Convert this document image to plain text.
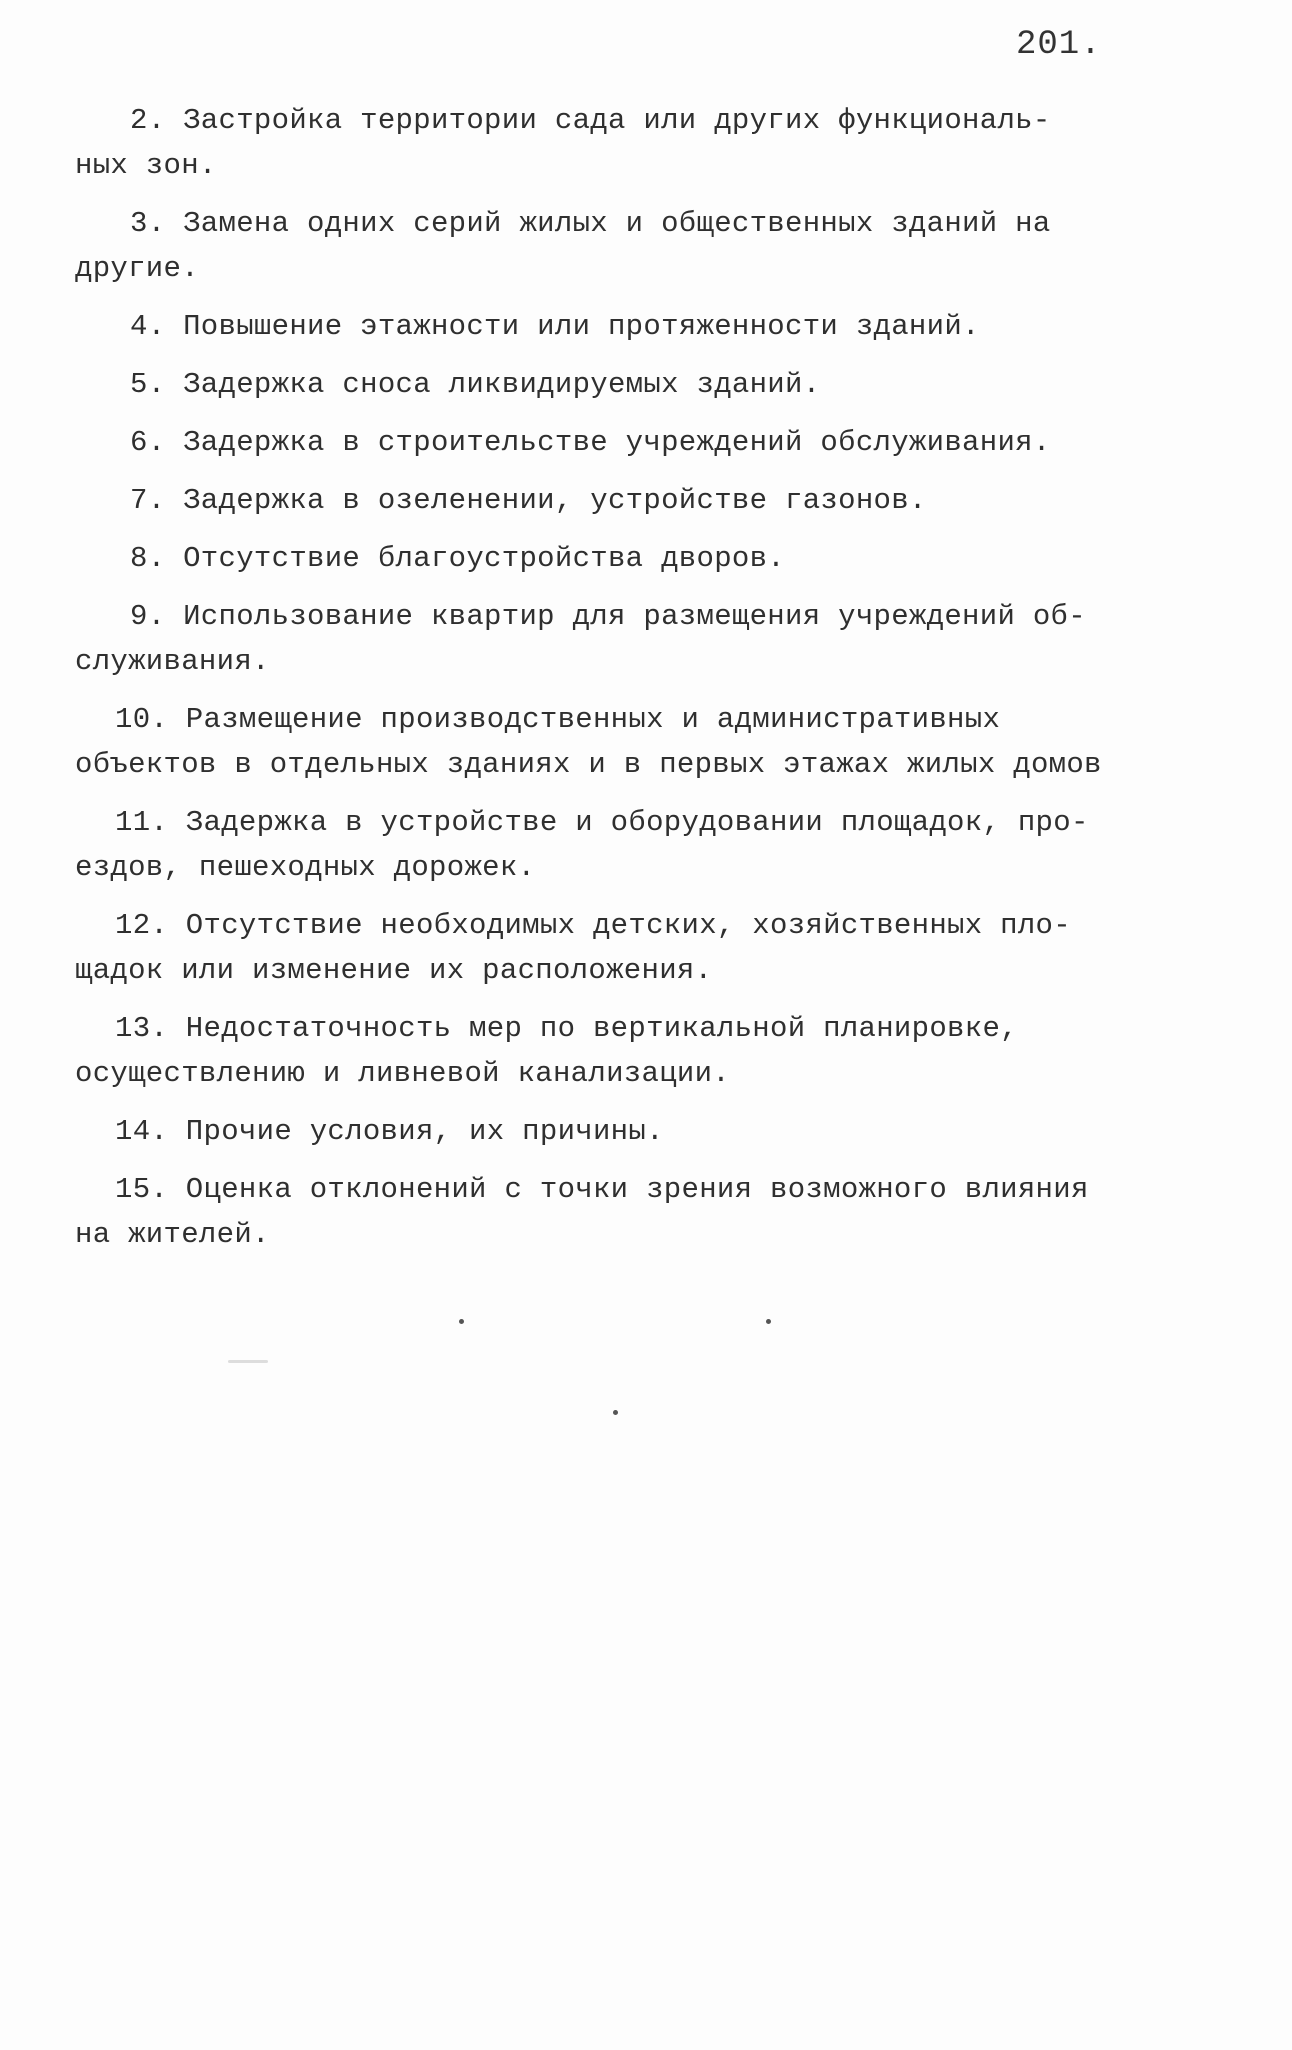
201.
2. Застройка территории сада или других функциональ-
ных зон.
3. Замена одних серий жилых и общественных зданий на
другие.
4. Повышение этажности или протяженности зданий.
5. Задержка сноса ликвидируемых зданий.
6. Задержка в строительстве учреждений обслуживания.
7. Задержка в озеленении, устройстве газонов.
8. Отсутствие благоустройства дворов.
9. Использование квартир для размещения учреждений об-
служивания.
10. Размещение производственных и административных
объектов в отдельных зданиях и в первых этажах жилых домов
11. Задержка в устройстве и оборудовании площадок, про-
ездов, пешеходных дорожек.
12. Отсутствие необходимых детских, хозяйственных пло-
щадок или изменение их расположения.
13. Недостаточность мер по вертикальной планировке,
осуществлению и ливневой канализации.
14. Прочие условия, их причины.
15. Оценка отклонений с точки зрения возможного влияния
на жителей.
